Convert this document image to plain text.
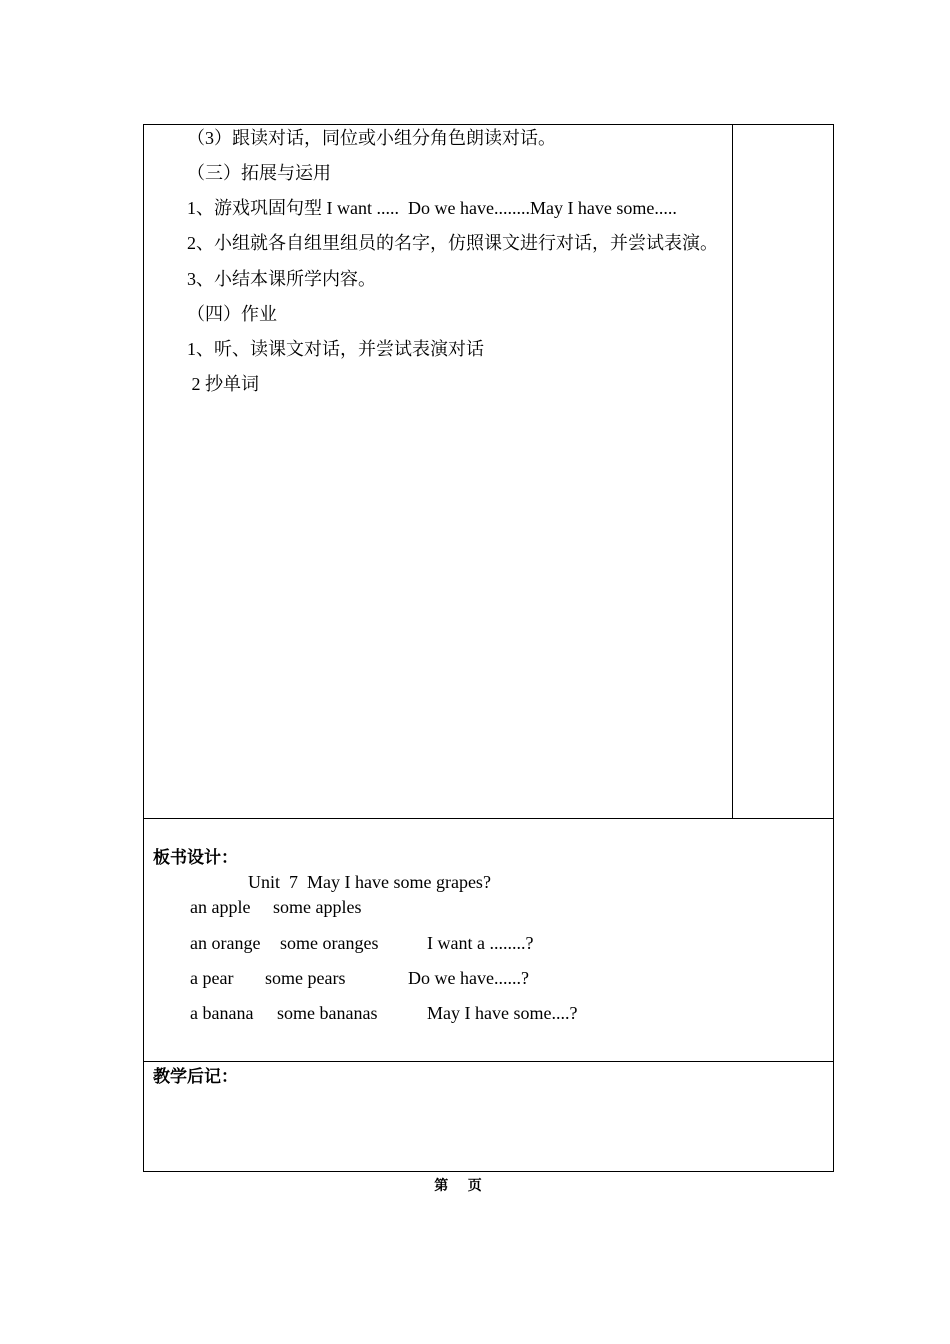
（3）跟读对话，同位或小组分角色朗读对话。
（三）拓展与运用
1、游戏巩固句型 I want .....  Do we have........May I have some.....
2、小组就各自组里组员的名字，仿照课文进行对话，并尝试表演。
3、小结本课所学内容。
（四）作业
1、听、读课文对话，并尝试表演对话
2 抄单词
板书设计：
Unit  7  May I have some grapes?
an apple some apples
an orange some oranges	I want a ........?
a pear some pears	Do we have......?
a banana some bananas	May I have some....?
教学后记：
第    页
